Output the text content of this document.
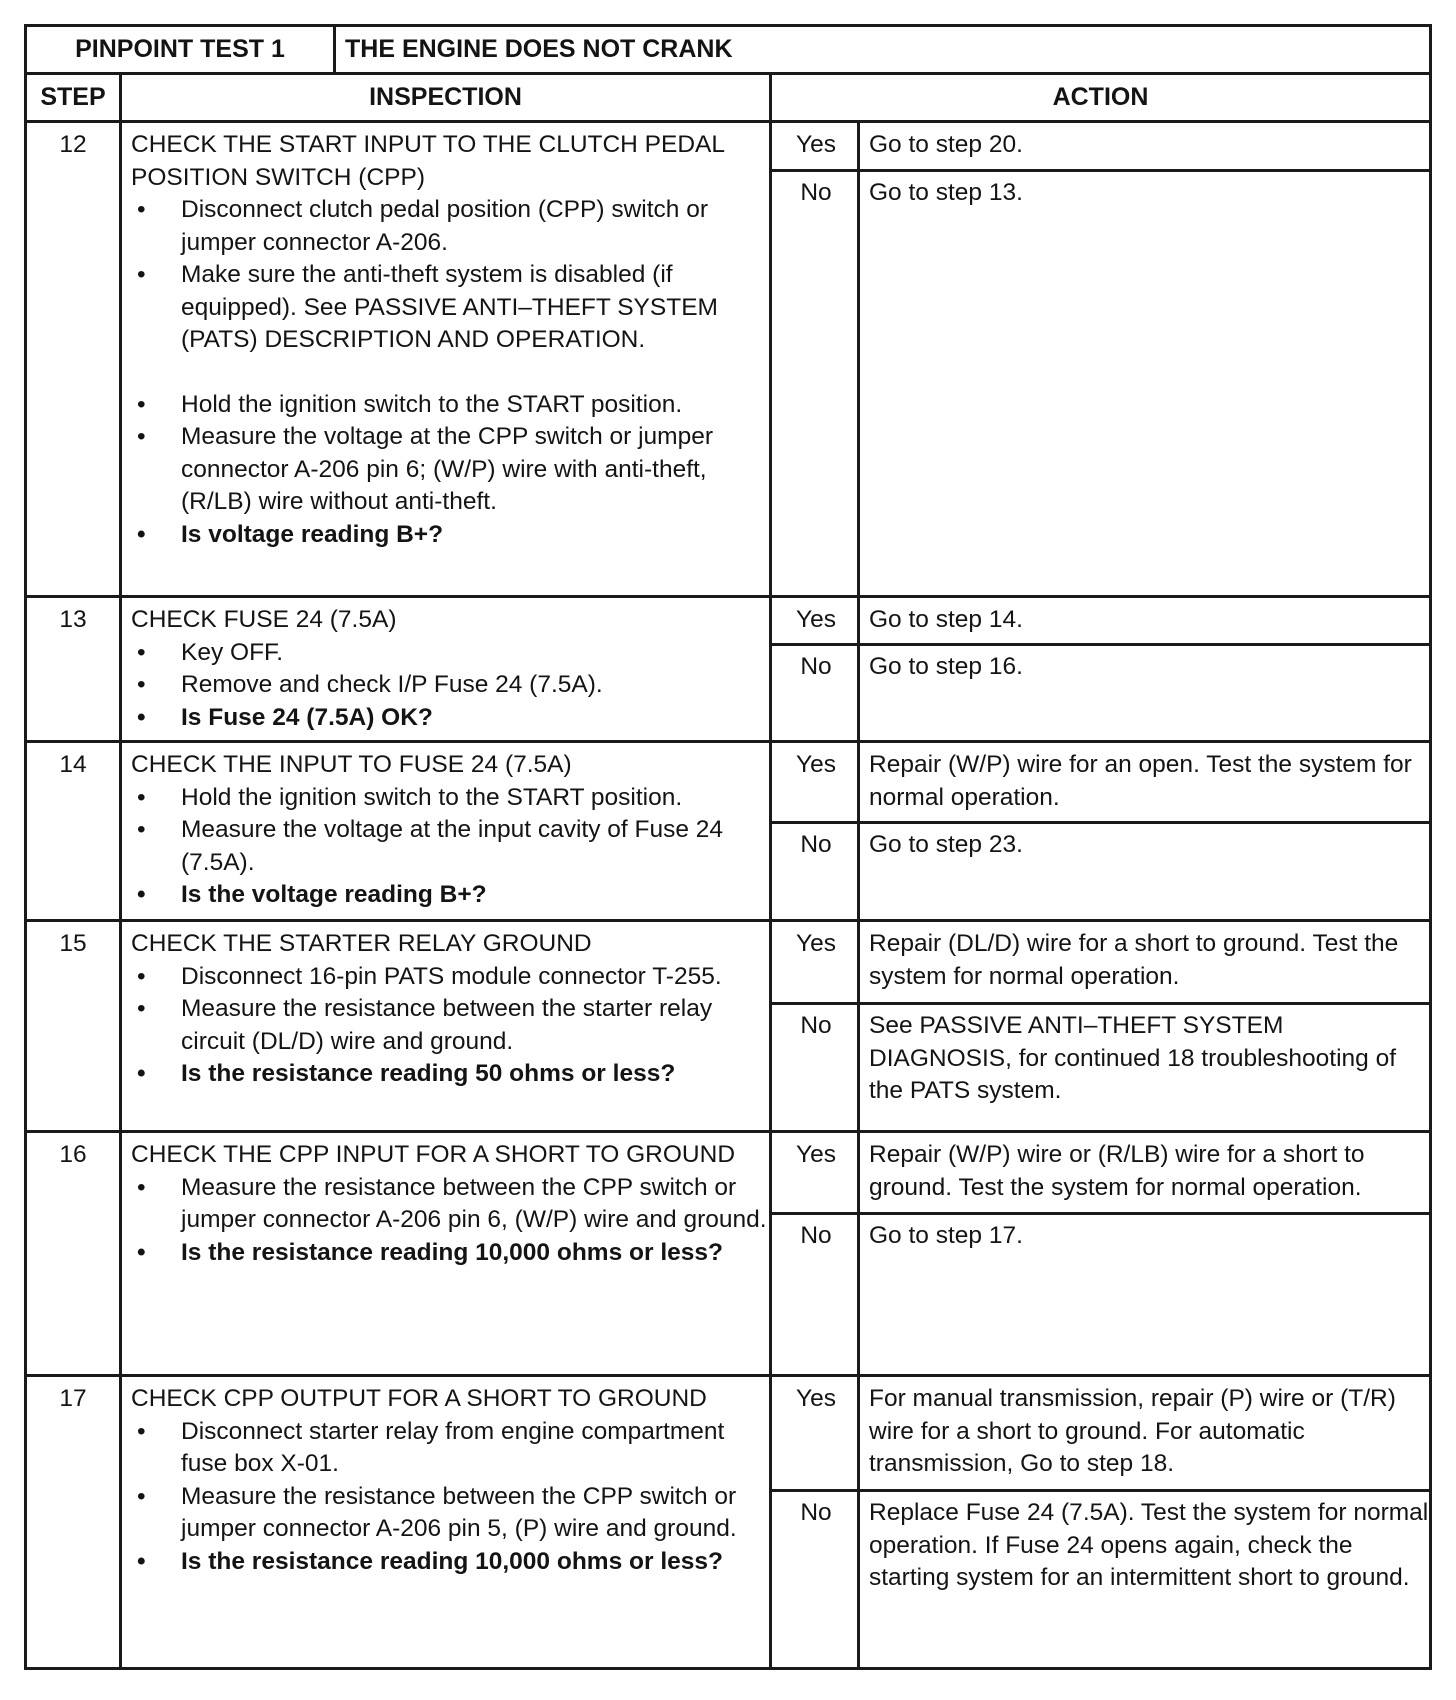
PINPOINT TEST 1	THE ENGINE DOES NOT CRANK
STEP	INSPECTION	ACTION
12	CHECK THE START INPUT TO THE CLUTCH PEDAL POSITION SWITCH (CPP)
• Disconnect clutch pedal position (CPP) switch or jumper connector A-206.
• Make sure the anti-theft system is disabled (if equipped). See PASSIVE ANTI–THEFT SYSTEM (PATS) DESCRIPTION AND OPERATION.
• Hold the ignition switch to the START position.
• Measure the voltage at the CPP switch or jumper connector A-206 pin 6; (W/P) wire with anti-theft, (R/LB) wire without anti-theft.
• Is voltage reading B+?
Yes	Go to step 20.
No	Go to step 13.
13	CHECK FUSE 24 (7.5A)
• Key OFF.
• Remove and check I/P Fuse 24 (7.5A).
• Is Fuse 24 (7.5A) OK?
Yes	Go to step 14.
No	Go to step 16.
14	CHECK THE INPUT TO FUSE 24 (7.5A)
• Hold the ignition switch to the START position.
• Measure the voltage at the input cavity of Fuse 24 (7.5A).
• Is the voltage reading B+?
Yes	Repair (W/P) wire for an open. Test the system for normal operation.
No	Go to step 23.
15	CHECK THE STARTER RELAY GROUND
• Disconnect 16-pin PATS module connector T-255.
• Measure the resistance between the starter relay circuit (DL/D) wire and ground.
• Is the resistance reading 50 ohms or less?
Yes	Repair (DL/D) wire for a short to ground. Test the system for normal operation.
No	See PASSIVE ANTI–THEFT SYSTEM DIAGNOSIS, for continued 18 troubleshooting of the PATS system.
16	CHECK THE CPP INPUT FOR A SHORT TO GROUND
• Measure the resistance between the CPP switch or jumper connector A-206 pin 6, (W/P) wire and ground.
• Is the resistance reading 10,000 ohms or less?
Yes	Repair (W/P) wire or (R/LB) wire for a short to ground. Test the system for normal operation.
No	Go to step 17.
17	CHECK CPP OUTPUT FOR A SHORT TO GROUND
• Disconnect starter relay from engine compartment fuse box X-01.
• Measure the resistance between the CPP switch or jumper connector A-206 pin 5, (P) wire and ground.
• Is the resistance reading 10,000 ohms or less?
Yes	For manual transmission, repair (P) wire or (T/R) wire for a short to ground. For automatic transmission, Go to step 18.
No	Replace Fuse 24 (7.5A). Test the system for normal operation. If Fuse 24 opens again, check the starting system for an intermittent short to ground.
